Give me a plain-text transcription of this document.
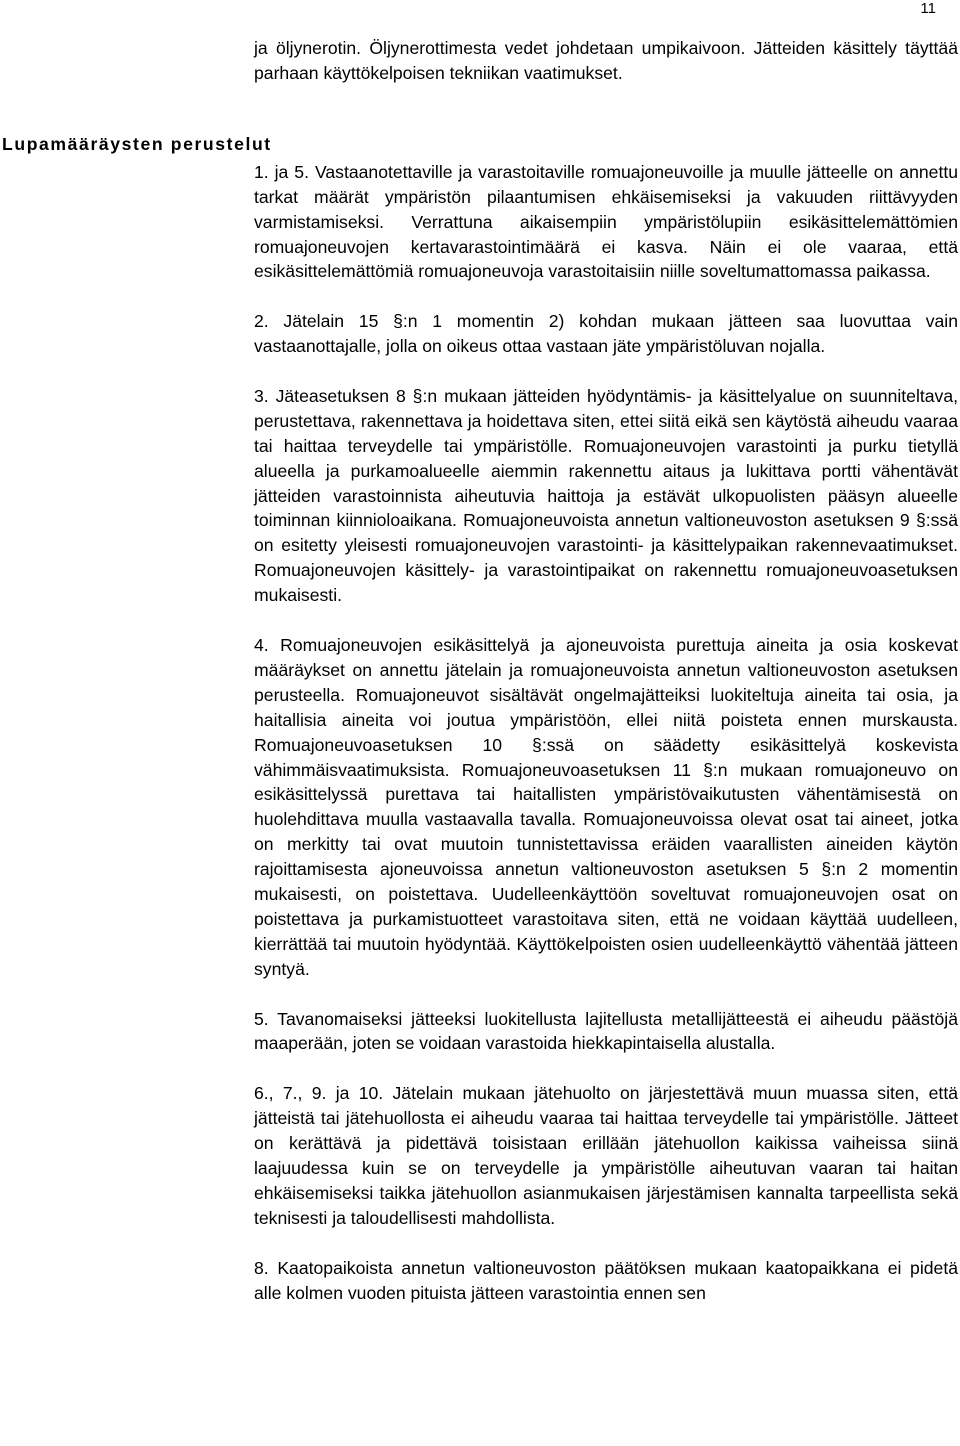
11
Lupamääräysten perustelut

ja öljynerotin. Öljynerottimesta vedet johdetaan umpikaivoon. Jätteiden käsittely täyttää parhaan käyttökelpoisen tekniikan vaatimukset.

1. ja 5. Vastaanotettaville ja varastoitaville romuajoneuvoille ja muulle jätteelle on annettu tarkat määrät ympäristön pilaantumisen ehkäisemiseksi ja vakuuden riittävyyden varmistamiseksi. Verrattuna aikaisempiin ympäristölupiin esikäsittelemättömien romuajoneuvojen kertavarastointimäärä ei kasva. Näin ei ole vaaraa, että esikäsittelemättömiä romuajoneuvoja varastoitaisiin niille soveltumattomassa paikassa.

2. Jätelain 15 §:n 1 momentin 2) kohdan mukaan jätteen saa luovuttaa vain vastaanottajalle, jolla on oikeus ottaa vastaan jäte ympäristöluvan nojalla.

3. Jäteasetuksen 8 §:n mukaan jätteiden hyödyntämis- ja käsittelyalue on suunniteltava, perustettava, rakennettava ja hoidettava siten, ettei siitä eikä sen käytöstä aiheudu vaaraa tai haittaa terveydelle tai ympäristölle. Romuajoneuvojen varastointi ja purku tietyllä alueella ja purkamoalueelle aiemmin rakennettu aitaus ja lukittava portti vähentävät jätteiden varastoinnista aiheutuvia haittoja ja estävät ulkopuolisten pääsyn alueelle toiminnan kiinnioloaikana. Romuajoneuvoista annetun valtioneuvoston asetuksen 9 §:ssä on esitetty yleisesti romuajoneuvojen varastointi- ja käsittelypaikan rakennevaatimukset. Romuajoneuvojen käsittely- ja varastointipaikat on rakennettu romuajoneuvoasetuksen mukaisesti.

4. Romuajoneuvojen esikäsittelyä ja ajoneuvoista purettuja aineita ja osia koskevat määräykset on annettu jätelain ja romuajoneuvoista annetun valtioneuvoston asetuksen perusteella. Romuajoneuvot sisältävät ongelmajätteiksi luokiteltuja aineita tai osia, ja haitallisia aineita voi joutua ympäristöön, ellei niitä poisteta ennen murskausta. Romuajoneuvoasetuksen 10 §:ssä on säädetty esikäsittelyä koskevista vähimmäisvaatimuksista. Romuajoneuvoasetuksen 11 §:n mukaan romuajoneuvo on esikäsittelyssä purettava tai haitallisten ympäristövaikutusten vähentämisestä on huolehdittava muulla vastaavalla tavalla. Romuajoneuvoissa olevat osat tai aineet, jotka on merkitty tai ovat muutoin tunnistettavissa eräiden vaarallisten aineiden käytön rajoittamisesta ajoneuvoissa annetun valtioneuvoston asetuksen 5 §:n 2 momentin mukaisesti, on poistettava. Uudelleenkäyttöön soveltuvat romuajoneuvojen osat on poistettava ja purkamistuotteet varastoitava siten, että ne voidaan käyttää uudelleen, kierrättää tai muutoin hyödyntää. Käyttökelpoisten osien uudelleenkäyttö vähentää jätteen syntyä.

5. Tavanomaiseksi jätteeksi luokitellusta lajitellusta metallijätteestä ei aiheudu päästöjä maaperään, joten se voidaan varastoida hiekkapintaisella alustalla.

6., 7., 9. ja 10. Jätelain mukaan jätehuolto on järjestettävä muun muassa siten, että jätteistä tai jätehuollosta ei aiheudu vaaraa tai haittaa terveydelle tai ympäristölle. Jätteet on kerättävä ja pidettävä toisistaan erillään jätehuollon kaikissa vaiheissa siinä laajuudessa kuin se on terveydelle ja ympäristölle aiheutuvan vaaran tai haitan ehkäisemiseksi taikka jätehuollon asianmukaisen järjestämisen kannalta tarpeellista sekä teknisesti ja taloudellisesti mahdollista.

8. Kaatopaikoista annetun valtioneuvoston päätöksen mukaan kaatopaikkana ei pidetä alle kolmen vuoden pituista jätteen varastointia ennen sen
